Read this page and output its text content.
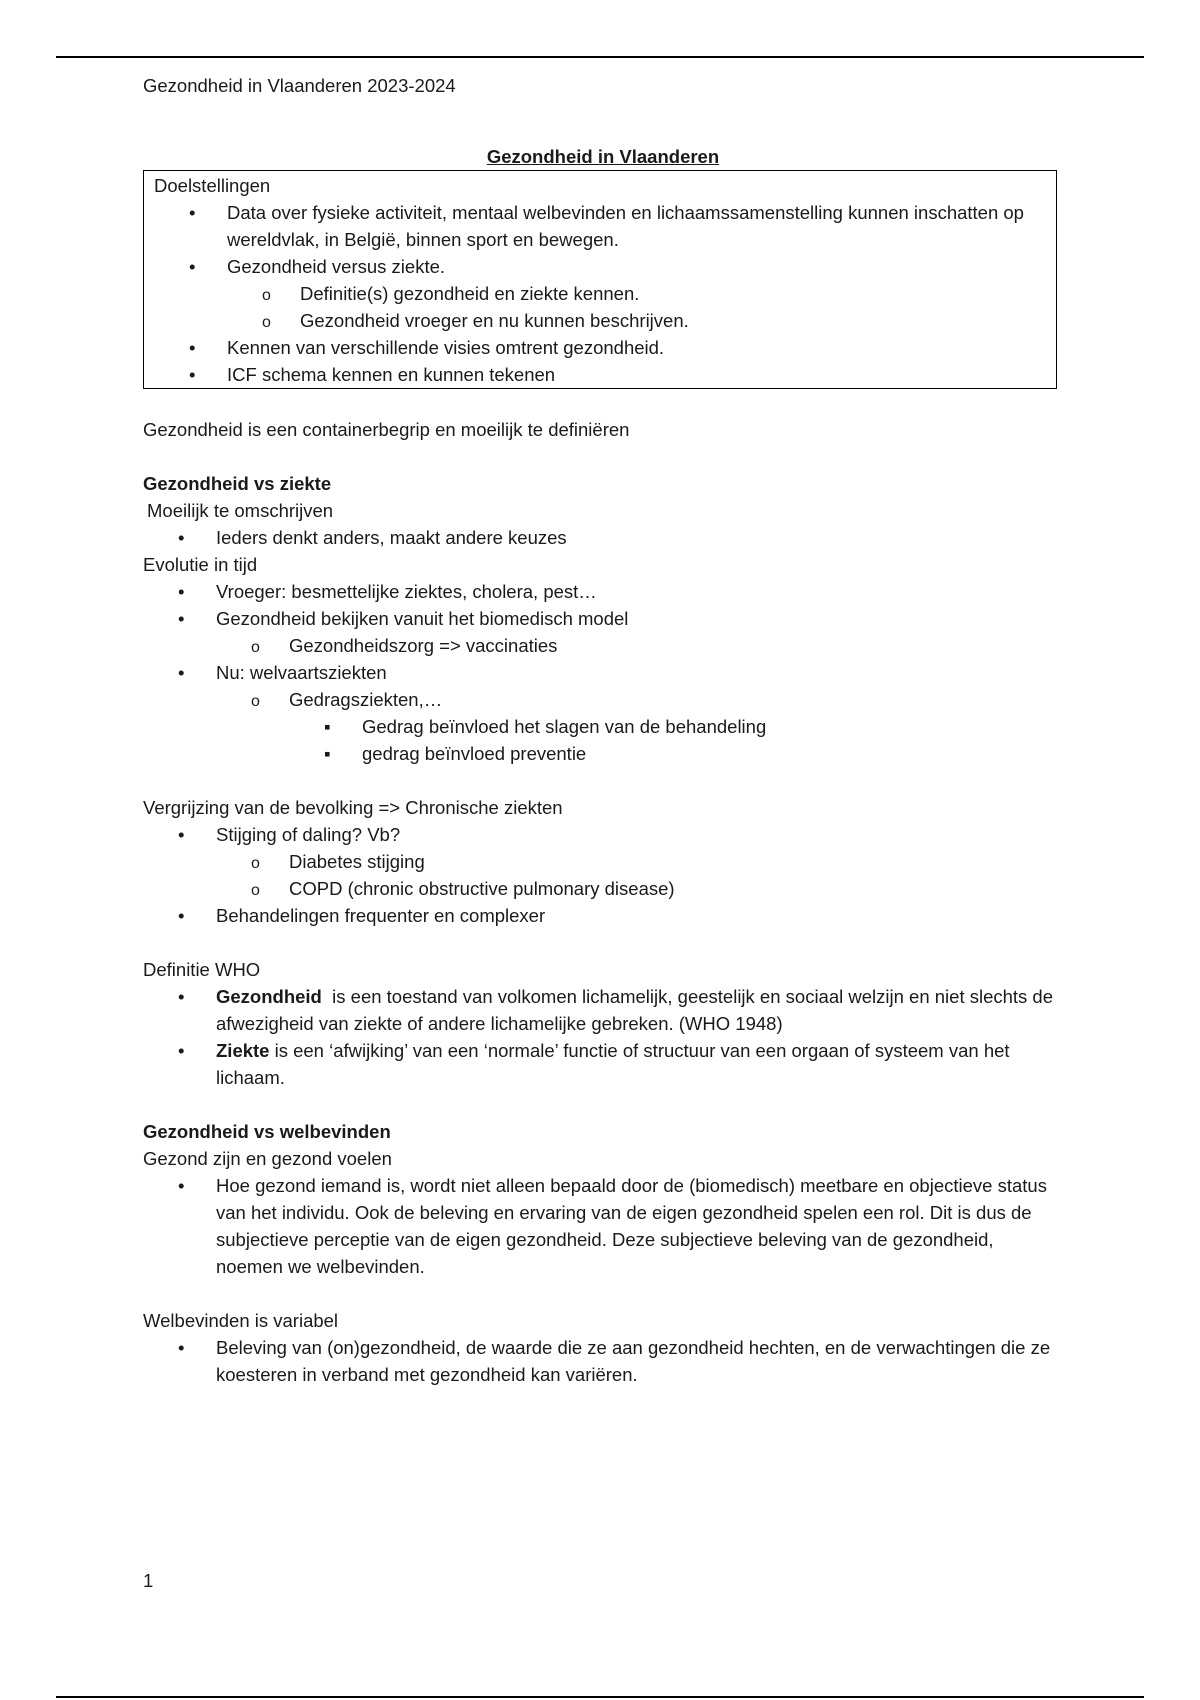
Gezondheid in Vlaanderen 2023-2024

Gezondheid in Vlaanderen

Doelstellingen

•
Data over fysieke activiteit, mentaal welbevinden en lichaamssamenstelling kunnen inschatten op wereldvlak, in België, binnen sport en bewegen.
•
Gezondheid versus ziekte.
o
Definitie(s) gezondheid en ziekte kennen.
o
Gezondheid vroeger en nu kunnen beschrijven.
•
Kennen van verschillende visies omtrent gezondheid.
•
ICF schema kennen en kunnen tekenen

Gezondheid is een containerbegrip en moeilijk te definiëren

Gezondheid vs ziekte

Moeilijk te omschrijven

•
Ieders denkt anders, maakt andere keuzes

Evolutie in tijd

•
Vroeger: besmettelijke ziektes, cholera, pest…
•
Gezondheid bekijken vanuit het biomedisch model
o
Gezondheidszorg => vaccinaties
•
Nu: welvaartsziekten
o
Gedragsziekten,…
▪
Gedrag beïnvloed het slagen van de behandeling
▪
gedrag beïnvloed preventie

Vergrijzing van de bevolking => Chronische ziekten

•
Stijging of daling? Vb?
o
Diabetes stijging
o
COPD (chronic obstructive pulmonary disease)
•
Behandelingen frequenter en complexer

Definitie WHO

•
Gezondheid  is een toestand van volkomen lichamelijk, geestelijk en sociaal welzijn en niet slechts de afwezigheid van ziekte of andere lichamelijke gebreken. (WHO 1948)
•
Ziekte is een ‘afwijking’ van een ‘normale’ functie of structuur van een orgaan of systeem van het lichaam.

Gezondheid vs welbevinden

Gezond zijn en gezond voelen

•
Hoe gezond iemand is, wordt niet alleen bepaald door de (biomedisch) meetbare en objectieve status van het individu. Ook de beleving en ervaring van de eigen gezondheid spelen een rol. Dit is dus de subjectieve perceptie van de eigen gezondheid. Deze subjectieve beleving van de gezondheid, noemen we welbevinden.

Welbevinden is variabel

•
Beleving van (on)gezondheid, de waarde die ze aan gezondheid hechten, en de verwachtingen die ze koesteren in verband met gezondheid kan variëren.
1
